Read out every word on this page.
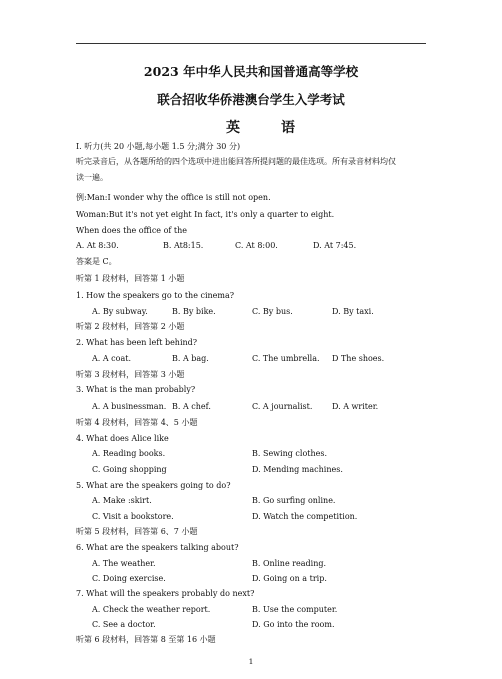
2023 年中华人民共和国普通高等学校
联合招收华侨港澳台学生入学考试
英	语
I. 听力(共 20 小题,每小题 1.5 分;满分 30 分)
听完录音后，从各题所给的四个选项中进出能回答所提问题的最佳选项。所有录音材料均仅
读一遍。
例:Man:I wonder why the office is still not open.
Woman:But it's not yet eight In fact, it's only a quarter to eight.
When does the office of the
A. At 8:30.	B. At8:15.	C. At 8:00.	D. At 7:45.
答案是 C。
听第 1 段材料，回答第 1 小题
1. How the speakers go to the cinema?
A. By subway.	B. By bike.	C. By bus.	D. By taxi.
听第 2 段材料，回答第 2 小题
2. What has been left behind?
A. A coat.	B. A bag.	C. The umbrella. D The shoes.
听第 3 段材料，回答第 3 小题
3. What is the man probably?
A. A businessman. B. A chef.	C. A journalist. D. A writer.
听第 4 段材料，回答第 4、5 小题
4. What does Alice like
A. Reading books.	B. Sewing clothes.
C. Going shopping	D. Mending machines.
5. What are the speakers going to do?
A. Make :skirt.	B. Go surfing online.
C. Visit a bookstore.	D. Watch the competition.
听第 5 段材料，回答第 6、7 小题
6. What are the speakers talking about?
A. The weather.	B. Online reading.
C. Doing exercise.	D. Going on a trip.
7. What will the speakers probably do next?
A. Check the weather report.	B. Use the computer.
C. See a doctor.	D. Go into the room.
听第 6 段材料，回答第 8 至第 16 小题
1
